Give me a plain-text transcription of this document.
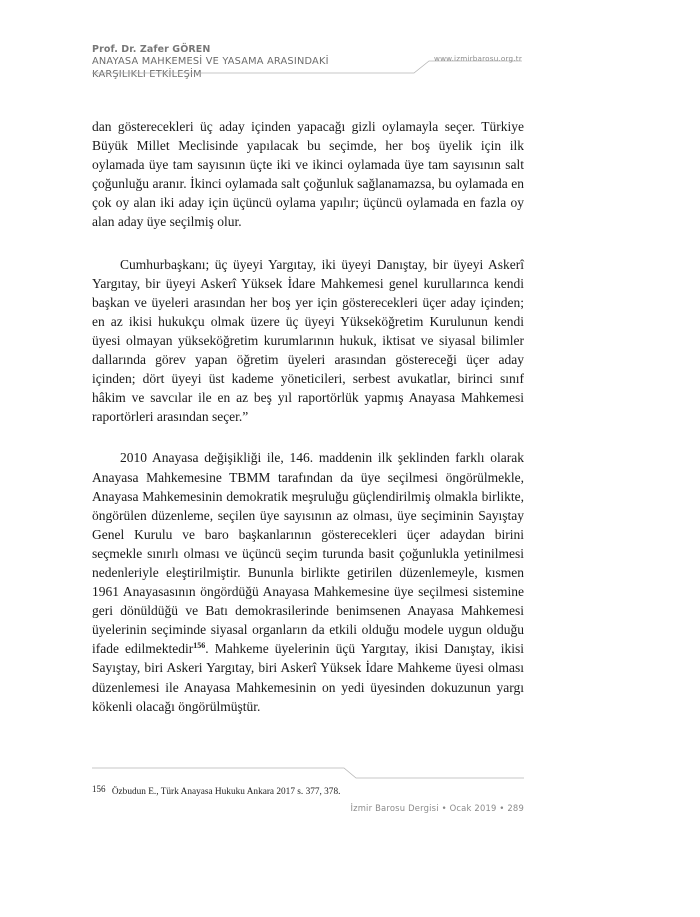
Prof. Dr. Zafer GÖREN
ANAYASA MAHKEMESİ VE YASAMA ARASINDAKİ
KARŞILIKLI ETKİLEŞİM
www.izmirbarosu.org.tr

dan gösterecekleri üç aday içinden yapacağı gizli oylamayla seçer. Türkiye Büyük Millet Meclisinde yapılacak bu seçimde, her boş üyelik için ilk oylamada üye tam sayısının üçte iki ve ikinci oylamada üye tam sayısının salt çoğunluğu aranır. İkinci oylamada salt çoğunluk sağlanamazsa, bu oylamada en çok oy alan iki aday için üçüncü oylama yapılır; üçüncü oylamada en fazla oy alan aday üye seçilmiş olur.

Cumhurbaşkanı; üç üyeyi Yargıtay, iki üyeyi Danıştay, bir üyeyi Askerî Yargıtay, bir üyeyi Askerî Yüksek İdare Mahkemesi genel kurullarınca kendi başkan ve üyeleri arasından her boş yer için gösterecekleri üçer aday içinden; en az ikisi hukukçu olmak üzere üç üyeyi Yükseköğretim Kurulunun kendi üyesi olmayan yükseköğretim kurumlarının hukuk, iktisat ve siyasal bilimler dallarında görev yapan öğretim üyeleri arasından göstereceği üçer aday içinden; dört üyeyi üst kademe yöneticileri, serbest avukatlar, birinci sınıf hâkim ve savcılar ile en az beş yıl raportörlük yapmış Anayasa Mahkemesi raportörleri arasından seçer.”

2010 Anayasa değişikliği ile, 146. maddenin ilk şeklinden farklı olarak Anayasa Mahkemesine TBMM tarafından da üye seçilmesi öngörülmekle, Anayasa Mahkemesinin demokratik meşruluğu güçlendirilmiş olmakla birlikte, öngörülen düzenleme, seçilen üye sayısının az olması, üye seçiminin Sayıştay Genel Kurulu ve baro başkanlarının gösterecekleri üçer adaydan birini seçmekle sınırlı olması ve üçüncü seçim turunda basit çoğunlukla yetinilmesi nedenleriyle eleştirilmiştir. Bununla birlikte getirilen düzenlemeyle, kısmen 1961 Anayasasının öngördüğü Anayasa Mahkemesine üye seçilmesi sistemine geri dönüldüğü ve Batı demokrasilerinde benimsenen Anayasa Mahkemesi üyelerinin seçiminde siyasal organların da etkili olduğu modele uygun olduğu ifade edilmektedir$^{156}$. Mahkeme üyelerinin üçü Yargıtay, ikisi Danıştay, ikisi Sayıştay, biri Askeri Yargıtay, biri Askerî Yüksek İdare Mahkeme üyesi olması düzenlemesi ile Anayasa Mahkemesinin on yedi üyesinden dokuzunun yargı kökenli olacağı öngörülmüştür.

156 Özbudun E., Türk Anayasa Hukuku Ankara 2017 s. 377, 378.
İzmir Barosu Dergisi • Ocak 2019 • 289
